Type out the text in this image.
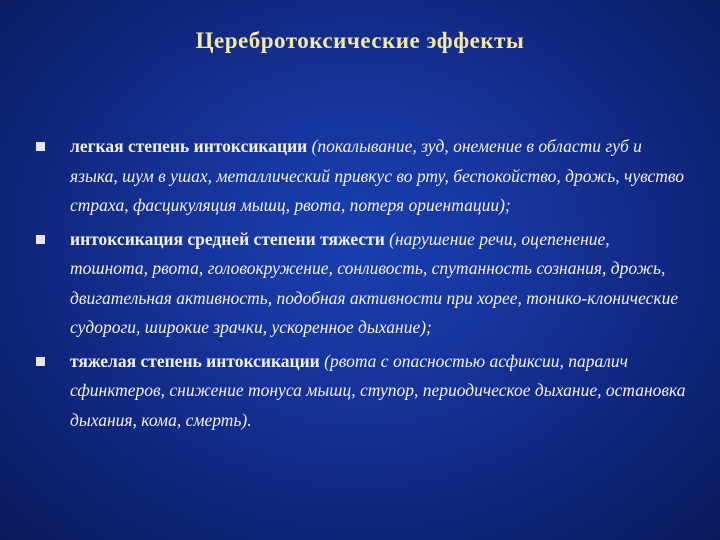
Церебротоксические эффекты
легкая степень интоксикации (покалывание, зуд, онемение в области губ и языка, шум в ушах, металлический привкус во рту, беспокойство, дрожь, чувство страха, фасцикуляция мышц, рвота, потеря ориентации);
интоксикация средней степени тяжести (нарушение речи, оцепенение, тошнота, рвота, головокружение, сонливость, спутанность сознания, дрожь, двигательная активность, подобная активности при хорее, тонико-клонические судороги, широкие зрачки, ускоренное дыхание);
тяжелая степень интоксикации (рвота с опасностью асфиксии, паралич сфинктеров, снижение тонуса мышц, ступор, периодическое дыхание, остановка дыхания, кома, смерть).
